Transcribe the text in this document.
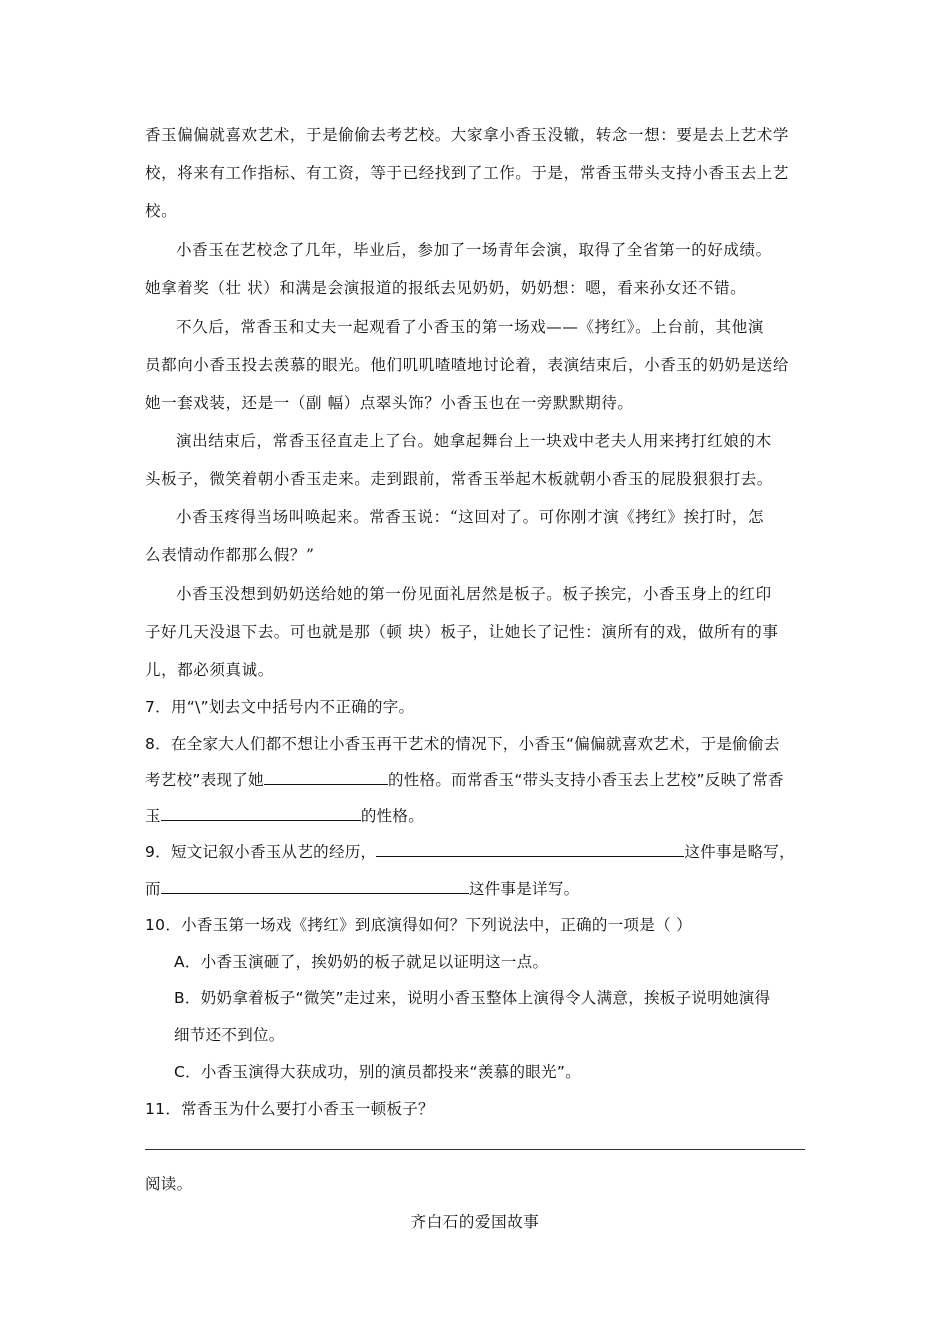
香玉偏偏就喜欢艺术，于是偷偷去考艺校。大家拿小香玉没辙，转念一想：要是去上艺术学
校，将来有工作指标、有工资，等于已经找到了工作。于是，常香玉带头支持小香玉去上艺
校。
小香玉在艺校念了几年，毕业后，参加了一场青年会演，取得了全省第一的好成绩。
她拿着奖（壮 状）和满是会演报道的报纸去见奶奶，奶奶想：嗯，看来孙女还不错。
不久后，常香玉和丈夫一起观看了小香玉的第一场戏——《拷红》。上台前，其他演
员都向小香玉投去羡慕的眼光。他们叽叽喳喳地讨论着，表演结束后，小香玉的奶奶是送给
她一套戏装，还是一（副 幅）点翠头饰？小香玉也在一旁默默期待。
演出结束后，常香玉径直走上了台。她拿起舞台上一块戏中老夫人用来拷打红娘的木
头板子，微笑着朝小香玉走来。走到跟前，常香玉举起木板就朝小香玉的屁股狠狠打去。
小香玉疼得当场叫唤起来。常香玉说：“这回对了。可你刚才演《拷红》挨打时，怎
么表情动作都那么假？”
小香玉没想到奶奶送给她的第一份见面礼居然是板子。板子挨完，小香玉身上的红印
子好几天没退下去。可也就是那（顿 块）板子，让她长了记性：演所有的戏，做所有的事
儿，都必须真诚。
7．用“\”划去文中括号内不正确的字。
8．在全家大人们都不想让小香玉再干艺术的情况下，小香玉“偏偏就喜欢艺术，于是偷偷去
考艺校”表现了她	的性格。而常香玉“带头支持小香玉去上艺校”反映了常香
玉	的性格。
9．短文记叙小香玉从艺的经历，	这件事是略写，
而	这件事是详写。
10．小香玉第一场戏《拷红》到底演得如何？下列说法中，正确的一项是（ ）
A．小香玉演砸了，挨奶奶的板子就足以证明这一点。
B．奶奶拿着板子“微笑”走过来，说明小香玉整体上演得令人满意，挨板子说明她演得
细节还不到位。
C．小香玉演得大获成功，别的演员都投来“羡慕的眼光”。
11．常香玉为什么要打小香玉一顿板子？
阅读。
齐白石的爱国故事
